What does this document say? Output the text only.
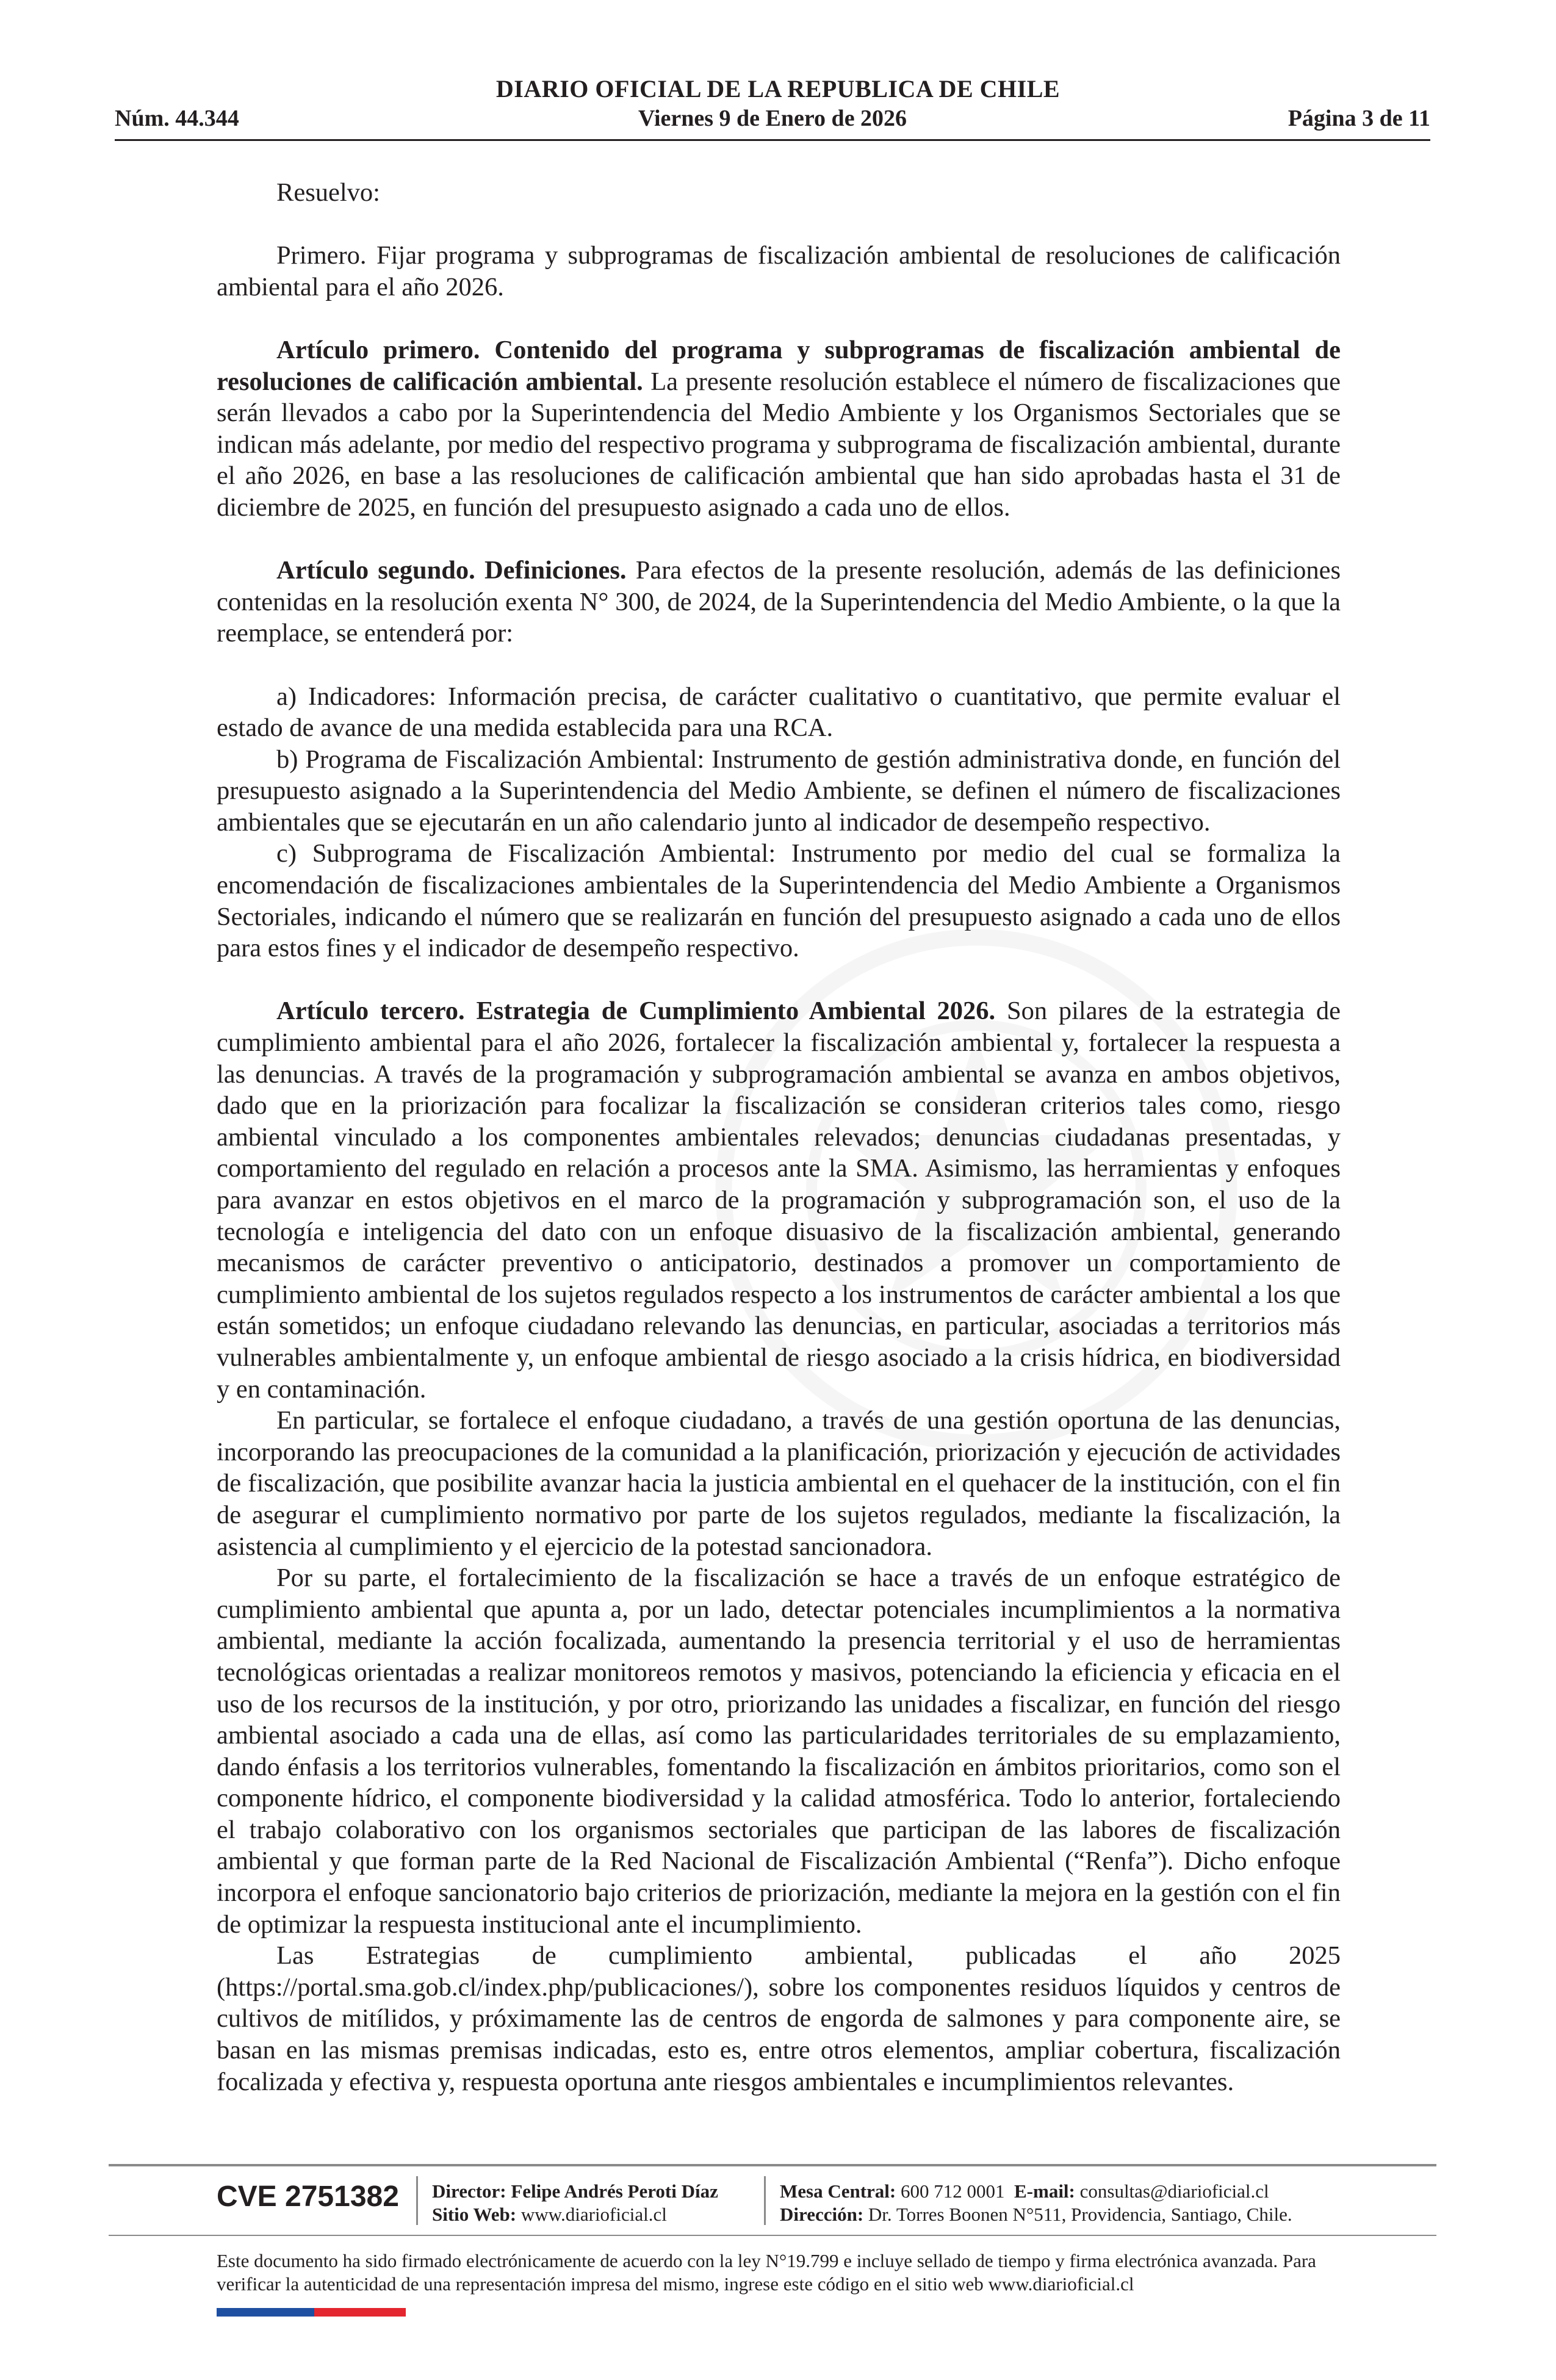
DIARIO OFICIAL DE LA REPUBLICA DE CHILE
Viernes 9 de Enero de 2026
Núm. 44.344	Página 3 de 11

Resuelvo:

Primero. Fijar programa y subprogramas de fiscalización ambiental de resoluciones de calificación ambiental para el año 2026.

Artículo primero. Contenido del programa y subprogramas de fiscalización ambiental de resoluciones de calificación ambiental. La presente resolución establece el número de fiscalizaciones que serán llevados a cabo por la Superintendencia del Medio Ambiente y los Organismos Sectoriales que se indican más adelante, por medio del respectivo programa y subprograma de fiscalización ambiental, durante el año 2026, en base a las resoluciones de calificación ambiental que han sido aprobadas hasta el 31 de diciembre de 2025, en función del presupuesto asignado a cada uno de ellos.

Artículo segundo. Definiciones. Para efectos de la presente resolución, además de las definiciones contenidas en la resolución exenta N° 300, de 2024, de la Superintendencia del Medio Ambiente, o la que la reemplace, se entenderá por:

a) Indicadores: Información precisa, de carácter cualitativo o cuantitativo, que permite evaluar el estado de avance de una medida establecida para una RCA.

b) Programa de Fiscalización Ambiental: Instrumento de gestión administrativa donde, en función del presupuesto asignado a la Superintendencia del Medio Ambiente, se definen el número de fiscalizaciones ambientales que se ejecutarán en un año calendario junto al indicador de desempeño respectivo.

c) Subprograma de Fiscalización Ambiental: Instrumento por medio del cual se formaliza la encomendación de fiscalizaciones ambientales de la Superintendencia del Medio Ambiente a Organismos Sectoriales, indicando el número que se realizarán en función del presupuesto asignado a cada uno de ellos para estos fines y el indicador de desempeño respectivo.

Artículo tercero. Estrategia de Cumplimiento Ambiental 2026. Son pilares de la estrategia de cumplimiento ambiental para el año 2026, fortalecer la fiscalización ambiental y, fortalecer la respuesta a las denuncias. A través de la programación y subprogramación ambiental se avanza en ambos objetivos, dado que en la priorización para focalizar la fiscalización se consideran criterios tales como, riesgo ambiental vinculado a los componentes ambientales relevados; denuncias ciudadanas presentadas, y comportamiento del regulado en relación a procesos ante la SMA. Asimismo, las herramientas y enfoques para avanzar en estos objetivos en el marco de la programación y subprogramación son, el uso de la tecnología e inteligencia del dato con un enfoque disuasivo de la fiscalización ambiental, generando mecanismos de carácter preventivo o anticipatorio, destinados a promover un comportamiento de cumplimiento ambiental de los sujetos regulados respecto a los instrumentos de carácter ambiental a los que están sometidos; un enfoque ciudadano relevando las denuncias, en particular, asociadas a territorios más vulnerables ambientalmente y, un enfoque ambiental de riesgo asociado a la crisis hídrica, en biodiversidad y en contaminación.

En particular, se fortalece el enfoque ciudadano, a través de una gestión oportuna de las denuncias, incorporando las preocupaciones de la comunidad a la planificación, priorización y ejecución de actividades de fiscalización, que posibilite avanzar hacia la justicia ambiental en el quehacer de la institución, con el fin de asegurar el cumplimiento normativo por parte de los sujetos regulados, mediante la fiscalización, la asistencia al cumplimiento y el ejercicio de la potestad sancionadora.

Por su parte, el fortalecimiento de la fiscalización se hace a través de un enfoque estratégico de cumplimiento ambiental que apunta a, por un lado, detectar potenciales incumplimientos a la normativa ambiental, mediante la acción focalizada, aumentando la presencia territorial y el uso de herramientas tecnológicas orientadas a realizar monitoreos remotos y masivos, potenciando la eficiencia y eficacia en el uso de los recursos de la institución, y por otro, priorizando las unidades a fiscalizar, en función del riesgo ambiental asociado a cada una de ellas, así como las particularidades territoriales de su emplazamiento, dando énfasis a los territorios vulnerables, fomentando la fiscalización en ámbitos prioritarios, como son el componente hídrico, el componente biodiversidad y la calidad atmosférica. Todo lo anterior, fortaleciendo el trabajo colaborativo con los organismos sectoriales que participan de las labores de fiscalización ambiental y que forman parte de la Red Nacional de Fiscalización Ambiental (“Renfa”). Dicho enfoque incorpora el enfoque sancionatorio bajo criterios de priorización, mediante la mejora en la gestión con el fin de optimizar la respuesta institucional ante el incumplimiento.

Las Estrategias de cumplimiento ambiental, publicadas el año 2025 (https://portal.sma.gob.cl/index.php/publicaciones/), sobre los componentes residuos líquidos y centros de cultivos de mitílidos, y próximamente las de centros de engorda de salmones y para componente aire, se basan en las mismas premisas indicadas, esto es, entre otros elementos, ampliar cobertura, fiscalización focalizada y efectiva y, respuesta oportuna ante riesgos ambientales e incumplimientos relevantes.

CVE 2751382 Director: Felipe Andrés Peroti Díaz
Sitio Web: www.diarioficial.cl
Mesa Central: 600 712 0001 E-mail: consultas@diarioficial.cl
Dirección: Dr. Torres Boonen N°511, Providencia, Santiago, Chile.
Este documento ha sido firmado electrónicamente de acuerdo con la ley N°19.799 e incluye sellado de tiempo y firma electrónica avanzada. Para verificar la autenticidad de una representación impresa del mismo, ingrese este código en el sitio web www.diarioficial.cl
